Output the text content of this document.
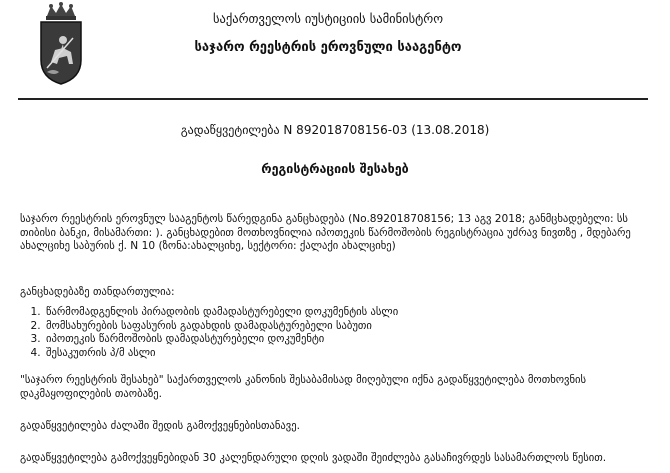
საქართველოს იუსტიციის სამინისტრო
საჯარო რეესტრის ეროვნული სააგენტო
გადაწყვეტილება N 892018708156-03 (13.08.2018)
რეგისტრაციის შესახებ
საჯარო რეესტრის ეროვნულ სააგენტოს წარედგინა განცხადება (No.892018708156; 13 აგვ 2018; განმცხადებელი: სს თიბისი ბანკი, მისამართი: ). განცხადებით მოთხოვნილია იპოთეკის წარმოშობის რეგისტრაცია უძრავ ნივთზე , მდებარე ახალციხე საბურის ქ. N 10 (ზონა:ახალციხე, სექტორი: ქალაქი ახალციხე)
განცხადებაზე თანდართულია:
1. წარმომადგენლის პირადობის დამადასტურებელი დოკუმენტის ასლი
2. მომსახურების საფასურის გადახდის დამადასტურებელი საბუთი
3. იპოთეკის წარმოშობის დამადასტურებელი დოკუმენტი
4. შესაკუთრის პ/მ ასლი
"საჯარო რეესტრის შესახებ" საქართველოს კანონის შესაბამისად მიღებული იქნა გადაწყვეტილება მოთხოვნის დაკმაყოფილების თაობაზე.
გადაწყვეტილება ძალაში შედის გამოქვეყნებისთანავე.
გადაწყვეტილება გამოქვეყნებიდან 30 კალენდარული დღის ვადაში შეიძლება გასაჩივრდეს სასამართლოს წესით.
